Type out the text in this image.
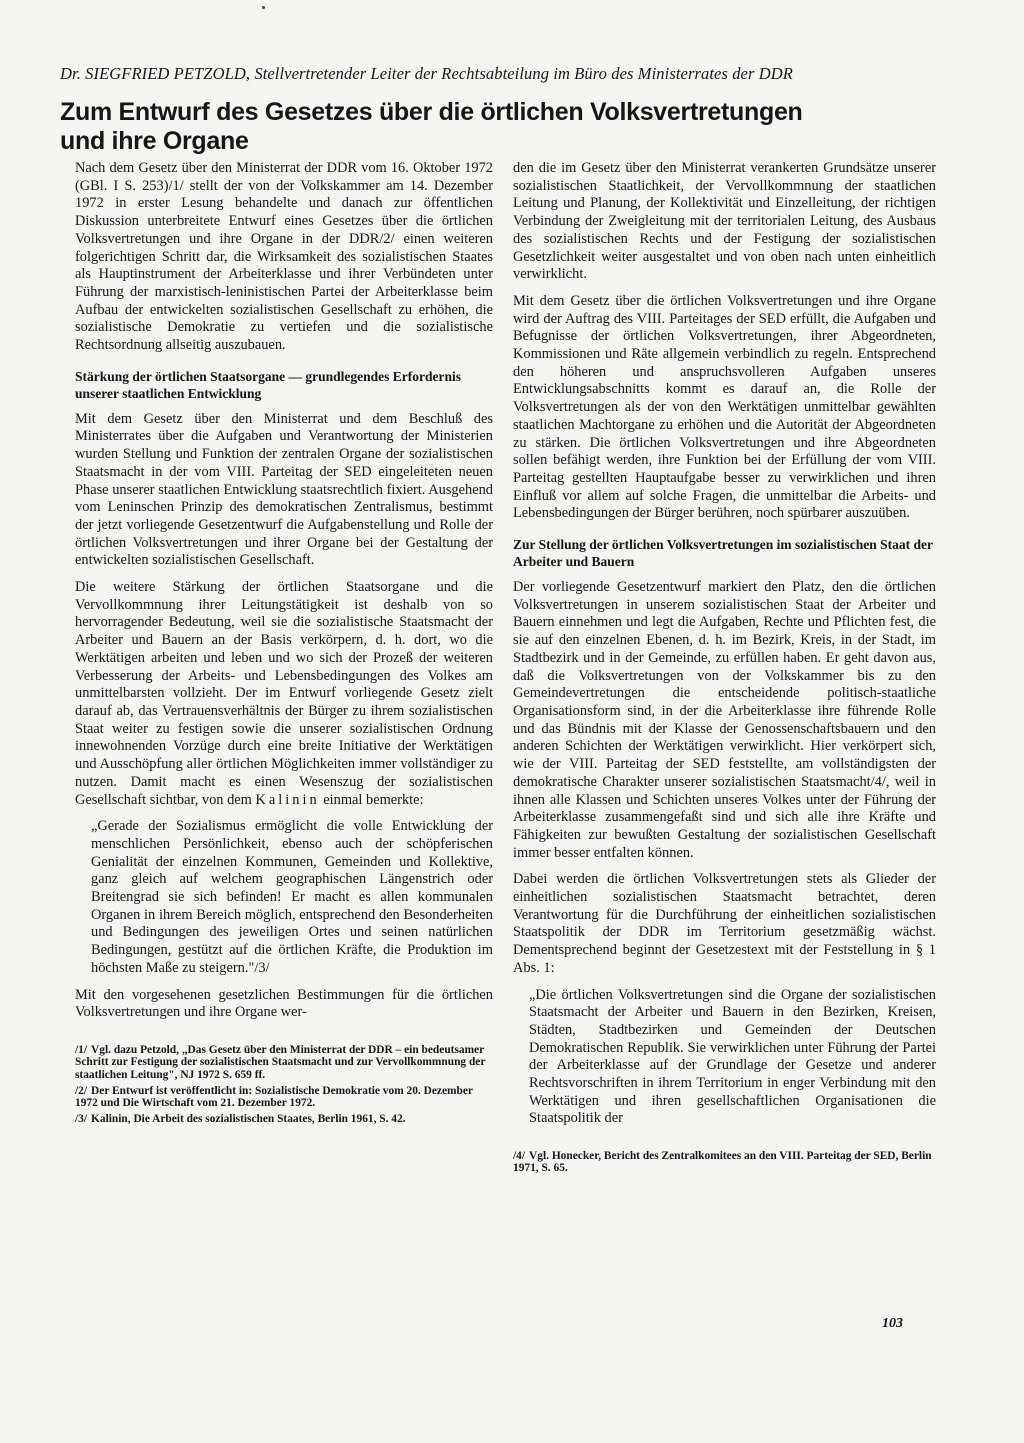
Dr. SIEGFRIED PETZOLD, Stellvertretender Leiter der Rechtsabteilung im Büro des Ministerrates der DDR
Zum Entwurf des Gesetzes über die örtlichen Volksvertretungen und ihre Organe

Nach dem Gesetz über den Ministerrat der DDR vom 16. Oktober 1972 (GBl. I S. 253)/1/ stellt der von der Volkskammer am 14. Dezember 1972 in erster Lesung behandelte und danach zur öffentlichen Diskussion unterbreitete Entwurf eines Gesetzes über die örtlichen Volksvertretungen und ihre Organe in der DDR/2/ einen weiteren folgerichtigen Schritt dar, die Wirksamkeit des sozialistischen Staates als Hauptinstrument der Arbeiterklasse und ihrer Verbündeten unter Führung der marxistisch-leninistischen Partei der Arbeiterklasse beim Aufbau der entwickelten sozialistischen Gesellschaft zu erhöhen, die sozialistische Demokratie zu vertiefen und die sozialistische Rechtsordnung allseitig auszubauen.

Stärkung der örtlichen Staatsorgane — grundlegendes Erfordernis unserer staatlichen Entwicklung

Mit dem Gesetz über den Ministerrat und dem Beschluß des Ministerrates über die Aufgaben und Verantwortung der Ministerien wurden Stellung und Funktion der zentralen Organe der sozialistischen Staatsmacht in der vom VIII. Parteitag der SED eingeleiteten neuen Phase unserer staatlichen Entwicklung staatsrechtlich fixiert. Ausgehend vom Leninschen Prinzip des demokratischen Zentralismus, bestimmt der jetzt vorliegende Gesetzentwurf die Aufgabenstellung und Rolle der örtlichen Volksvertretungen und ihrer Organe bei der Gestaltung der entwickelten sozialistischen Gesellschaft.

Die weitere Stärkung der örtlichen Staatsorgane und die Vervollkommnung ihrer Leitungstätigkeit ist deshalb von so hervorragender Bedeutung, weil sie die sozialistische Staatsmacht der Arbeiter und Bauern an der Basis verkörpern, d. h. dort, wo die Werktätigen arbeiten und leben und wo sich der Prozeß der weiteren Verbesserung der Arbeits- und Lebensbedingungen des Volkes am unmittelbarsten vollzieht. Der im Entwurf vorliegende Gesetz zielt darauf ab, das Vertrauensverhältnis der Bürger zu ihrem sozialistischen Staat weiter zu festigen sowie die unserer sozialistischen Ordnung innewohnenden Vorzüge durch eine breite Initiative der Werktätigen und Ausschöpfung aller örtlichen Möglichkeiten immer vollständiger zu nutzen. Damit macht es einen Wesenszug der sozialistischen Gesellschaft sichtbar, von dem Kalinin einmal bemerkte:

„Gerade der Sozialismus ermöglicht die volle Entwicklung der menschlichen Persönlichkeit, ebenso auch der schöpferischen Genialität der einzelnen Kommunen, Gemeinden und Kollektive, ganz gleich auf welchem geographischen Längenstrich oder Breitengrad sie sich befinden! Er macht es allen kommunalen Organen in ihrem Bereich möglich, entsprechend den Besonderheiten und Bedingungen des jeweiligen Ortes und seinen natürlichen Bedingungen, gestützt auf die örtlichen Kräfte, die Produktion im höchsten Maße zu steigern."/3/

Mit den vorgesehenen gesetzlichen Bestimmungen für die örtlichen Volksvertretungen und ihre Organe wer-

/1/ Vgl. dazu Petzold, „Das Gesetz über den Ministerrat der DDR – ein bedeutsamer Schritt zur Festigung der sozialistischen Staatsmacht und zur Vervollkommnung der staatlichen Leitung", NJ 1972 S. 659 ff.

/2/ Der Entwurf ist veröffentlicht in: Sozialistische Demokratie vom 20. Dezember 1972 und Die Wirtschaft vom 21. Dezember 1972.

/3/ Kalinin, Die Arbeit des sozialistischen Staates, Berlin 1961, S. 42.

den die im Gesetz über den Ministerrat verankerten Grundsätze unserer sozialistischen Staatlichkeit, der Vervollkommnung der staatlichen Leitung und Planung, der Kollektivität und Einzelleitung, der richtigen Verbindung der Zweigleitung mit der territorialen Leitung, des Ausbaus des sozialistischen Rechts und der Festigung der sozialistischen Gesetzlichkeit weiter ausgestaltet und von oben nach unten einheitlich verwirklicht.

Mit dem Gesetz über die örtlichen Volksvertretungen und ihre Organe wird der Auftrag des VIII. Parteitages der SED erfüllt, die Aufgaben und Befugnisse der örtlichen Volksvertretungen, ihrer Abgeordneten, Kommissionen und Räte allgemein verbindlich zu regeln. Entsprechend den höheren und anspruchsvolleren Aufgaben unseres Entwicklungsabschnitts kommt es darauf an, die Rolle der Volksvertretungen als der von den Werktätigen unmittelbar gewählten staatlichen Machtorgane zu erhöhen und die Autorität der Abgeordneten zu stärken. Die örtlichen Volksvertretungen und ihre Abgeordneten sollen befähigt werden, ihre Funktion bei der Erfüllung der vom VIII. Parteitag gestellten Hauptaufgabe besser zu verwirklichen und ihren Einfluß vor allem auf solche Fragen, die unmittelbar die Arbeits- und Lebensbedingungen der Bürger berühren, noch spürbarer auszuüben.

Zur Stellung der örtlichen Volksvertretungen im sozialistischen Staat der Arbeiter und Bauern

Der vorliegende Gesetzentwurf markiert den Platz, den die örtlichen Volksvertretungen in unserem sozialistischen Staat der Arbeiter und Bauern einnehmen und legt die Aufgaben, Rechte und Pflichten fest, die sie auf den einzelnen Ebenen, d. h. im Bezirk, Kreis, in der Stadt, im Stadtbezirk und in der Gemeinde, zu erfüllen haben. Er geht davon aus, daß die Volksvertretungen von der Volkskammer bis zu den Gemeindevertretungen die entscheidende politisch-staatliche Organisationsform sind, in der die Arbeiterklasse ihre führende Rolle und das Bündnis mit der Klasse der Genossenschaftsbauern und den anderen Schichten der Werktätigen verwirklicht. Hier verkörpert sich, wie der VIII. Parteitag der SED feststellte, am vollständigsten der demokratische Charakter unserer sozialistischen Staatsmacht/4/, weil in ihnen alle Klassen und Schichten unseres Volkes unter der Führung der Arbeiterklasse zusammengefaßt sind und sich alle ihre Kräfte und Fähigkeiten zur bewußten Gestaltung der sozialistischen Gesellschaft immer besser entfalten können.

Dabei werden die örtlichen Volksvertretungen stets als Glieder der einheitlichen sozialistischen Staatsmacht betrachtet, deren Verantwortung für die Durchführung der einheitlichen sozialistischen Staatspolitik der DDR im Territorium gesetzmäßig wächst. Dementsprechend beginnt der Gesetzestext mit der Feststellung in § 1 Abs. 1:

„Die örtlichen Volksvertretungen sind die Organe der sozialistischen Staatsmacht der Arbeiter und Bauern in den Bezirken, Kreisen, Städten, Stadtbezirken und Gemeinden der Deutschen Demokratischen Republik. Sie verwirklichen unter Führung der Partei der Arbeiterklasse auf der Grundlage der Gesetze und anderer Rechtsvorschriften in ihrem Territorium in enger Verbindung mit den Werktätigen und ihren gesellschaftlichen Organisationen die Staatspolitik der

/4/ Vgl. Honecker, Bericht des Zentralkomitees an den VIII. Parteitag der SED, Berlin 1971, S. 65.

103
